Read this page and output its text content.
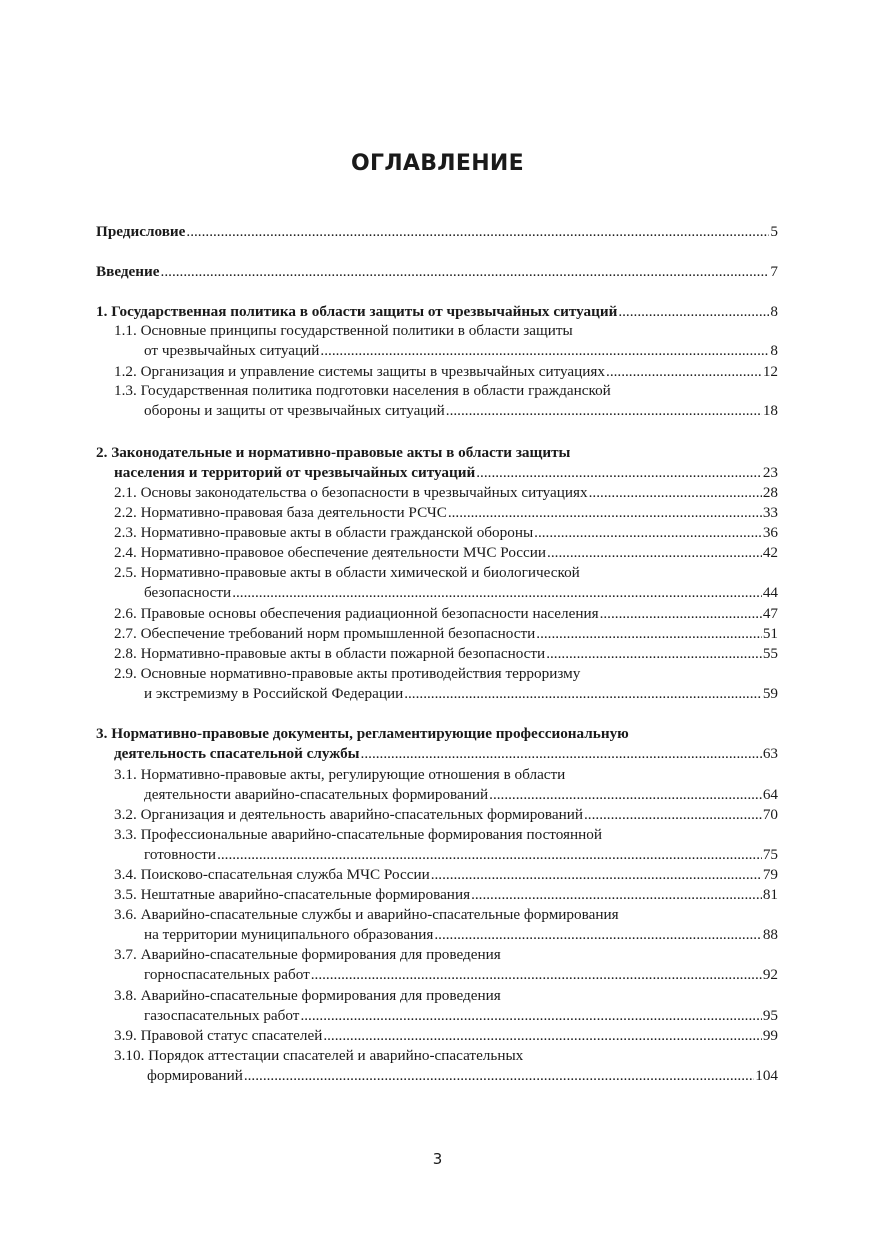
ОГЛАВЛЕНИЕ
Предисловие .....	5
Введение .....	7
1. Государственная политика в области защиты от чрезвычайных ситуаций .....	8
1.1. Основные принципы государственной политики в области защиты
от чрезвычайных ситуаций .....	8
1.2. Организация и управление системы защиты в чрезвычайных ситуациях .....	12
1.3. Государственная политика подготовки населения в области гражданской
обороны и защиты от чрезвычайных ситуаций .....	18
2. Законодательные и нормативно-правовые акты в области защиты
населения и территорий от чрезвычайных ситуаций .....	23
2.1. Основы законодательства о безопасности в чрезвычайных ситуациях .....	28
2.2. Нормативно-правовая база деятельности РСЧС .....	33
2.3. Нормативно-правовые акты в области гражданской обороны .....	36
2.4. Нормативно-правовое обеспечение деятельности МЧС России .....	42
2.5. Нормативно-правовые акты в области химической и биологической
безопасности .....	44
2.6. Правовые основы обеспечения радиационной безопасности населения .....	47
2.7. Обеспечение требований норм промышленной безопасности .....	51
2.8. Нормативно-правовые акты в области пожарной безопасности .....	55
2.9. Основные нормативно-правовые акты противодействия терроризму
и экстремизму в Российской Федерации .....	59
3. Нормативно-правовые документы, регламентирующие профессиональную
деятельность спасательной службы .....	63
3.1. Нормативно-правовые акты, регулирующие отношения в области
деятельности аварийно-спасательных формирований .....	64
3.2. Организация и деятельность аварийно-спасательных формирований .....	70
3.3. Профессиональные аварийно-спасательные формирования постоянной
готовности .....	75
3.4. Поисково-спасательная служба МЧС России .....	79
3.5. Нештатные аварийно-спасательные формирования .....	81
3.6. Аварийно-спасательные службы и аварийно-спасательные формирования
на территории муниципального образования .....	88
3.7. Аварийно-спасательные формирования для проведения
горноспасательных работ .....	92
3.8. Аварийно-спасательные формирования для проведения
газоспасательных работ .....	95
3.9. Правовой статус спасателей .....	99
3.10. Порядок аттестации спасателей и аварийно-спасательных
формирований .....	104
3
